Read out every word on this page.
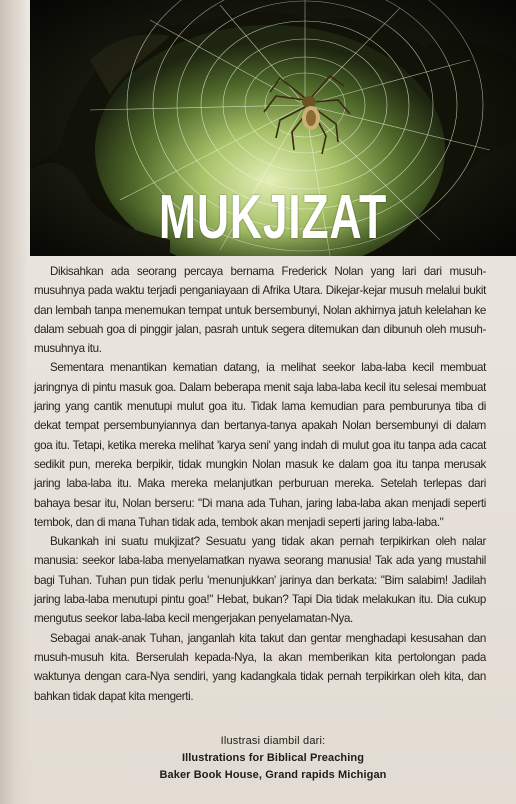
MUKJIZAT

Dikisahkan ada seorang percaya bernama Frederick Nolan yang lari dari musuh-musuhnya pada waktu terjadi penganiayaan di Afrika Utara. Dikejar-kejar musuh melalui bukit dan lembah tanpa menemukan tempat untuk bersembunyi, Nolan akhirnya jatuh kelelahan ke dalam sebuah goa di pinggir jalan, pasrah untuk segera ditemukan dan dibunuh oleh musuh-musuhnya itu.

Sementara menantikan kematian datang, ia melihat seekor laba-laba kecil membuat jaringnya di pintu masuk goa. Dalam beberapa menit saja laba-laba kecil itu selesai membuat jaring yang cantik menutupi mulut goa itu. Tidak lama kemudian para pemburunya tiba di dekat tempat persembunyiannya dan bertanya-tanya apakah Nolan bersembunyi di dalam goa itu. Tetapi, ketika mereka melihat 'karya seni' yang indah di mulut goa itu tanpa ada cacat sedikit pun, mereka berpikir, tidak mungkin Nolan masuk ke dalam goa itu tanpa merusak jaring laba-laba itu. Maka mereka melanjutkan perburuan mereka. Setelah terlepas dari bahaya besar itu, Nolan berseru: "Di mana ada Tuhan, jaring laba-laba akan menjadi seperti tembok, dan di mana Tuhan tidak ada, tembok akan menjadi seperti jaring laba-laba."

Bukankah ini suatu mukjizat? Sesuatu yang tidak akan pernah terpikirkan oleh nalar manusia: seekor laba-laba menyelamatkan nyawa seorang manusia! Tak ada yang mustahil bagi Tuhan. Tuhan pun tidak perlu 'menunjukkan' jarinya dan berkata: "Bim salabim! Jadilah jaring laba-laba menutupi pintu goa!" Hebat, bukan? Tapi Dia tidak melakukan itu. Dia cukup mengutus seekor laba-laba kecil mengerjakan penyelamatan-Nya.

Sebagai anak-anak Tuhan, janganlah kita takut dan gentar menghadapi kesusahan dan musuh-musuh kita. Berserulah kepada-Nya, Ia akan memberikan kita pertolongan pada waktunya dengan cara-Nya sendiri, yang kadangkala tidak pernah terpikirkan oleh kita, dan bahkan tidak dapat kita mengerti.

Ilustrasi diambil dari:
Illustrations for Biblical Preaching
Baker Book House, Grand rapids Michigan
